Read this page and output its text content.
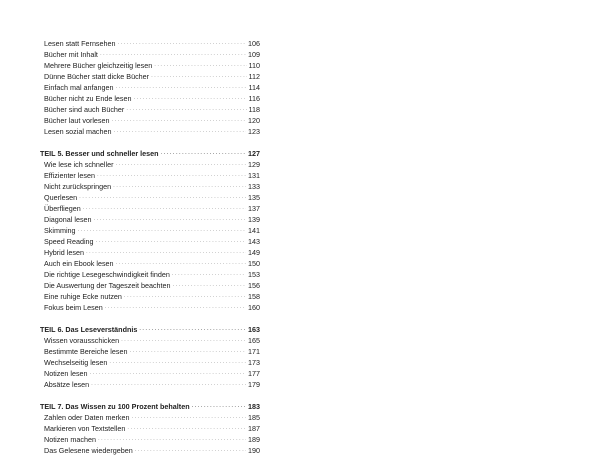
Lesen statt Fernsehen .....	106
Bücher mit Inhalt .....	109
Mehrere Bücher gleichzeitig lesen .....	110
Dünne Bücher statt dicke Bücher .....	112
Einfach mal anfangen .....	114
Bücher nicht zu Ende lesen .....	116
Bücher sind auch Bücher .....	118
Bücher laut vorlesen .....	120
Lesen sozial machen .....	123
TEIL 5. Besser und schneller lesen .....	127
Wie lese ich schneller .....	129
Effizienter lesen .....	131
Nicht zurückspringen .....	133
Querlesen .....	135
Überfliegen .....	137
Diagonal lesen .....	139
Skimming .....	141
Speed Reading .....	143
Hybrid lesen .....	149
Auch ein Ebook lesen .....	150
Die richtige Lesegeschwindigkeit finden .....	153
Die Auswertung der Tageszeit beachten .....	156
Eine ruhige Ecke nutzen .....	158
Fokus beim Lesen .....	160
TEIL 6. Das Leseverständnis .....	163
Wissen vorausschicken .....	165
Bestimmte Bereiche lesen .....	171
Wechselseitig lesen .....	173
Notizen lesen .....	177
Absätze lesen .....	179
TEIL 7. Das Wissen zu 100 Prozent behalten .....	183
Zahlen oder Daten merken .....	185
Markieren von Textstellen .....	187
Notizen machen .....	189
Das Gelesene wiedergeben .....	190
